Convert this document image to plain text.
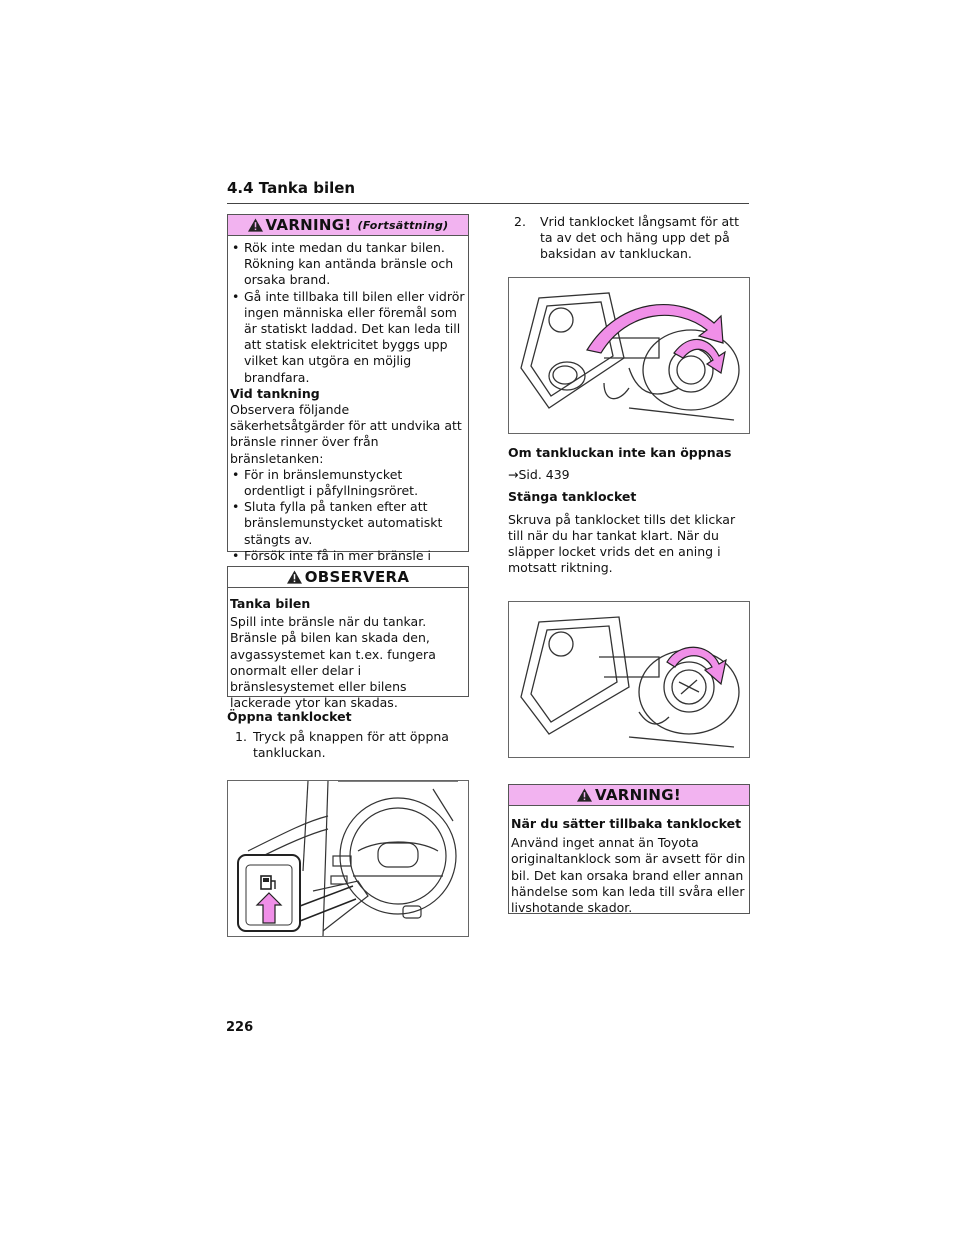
4.4 Tanka bilen
VARNING! (Fortsättning)
• Rök inte medan du tankar bilen. Rökning kan antända bränsle och orsaka brand.
• Gå inte tillbaka till bilen eller vidrör ingen människa eller föremål som är statiskt laddad. Det kan leda till att statisk elektricitet byggs upp vilket kan utgöra en möjlig brandfara.

Vid tankning

Observera följande säkerhetsåtgärder för att undvika att bränsle rinner över från bränsletanken:

• För in bränslemunstycket ordentligt i påfyllningsröret.
• Sluta fylla på tanken efter att bränslemunstycket automatiskt stängts av.
• Försök inte få in mer bränsle i
OBSERVERA

Tanka bilen

Spill inte bränsle när du tankar. Bränsle på bilen kan skada den, avgassystemet kan t.ex. fungera onormalt eller delar i bränslesystemet eller bilens lackerade ytor kan skadas.

Öppna tanklocket

1. Tryck på knappen för att öppna tankluckan.
2. Vrid tanklocket långsamt för att ta av det och häng upp det på baksidan av tankluckan.

Om tankluckan inte kan öppnas

→Sid. 439

Stänga tanklocket

Skruva på tanklocket tills det klickar till när du har tankat klart. När du släpper locket vrids det en aning i motsatt riktning.

VARNING!

När du sätter tillbaka tanklocket

Använd inget annat än Toyota originaltanklock som är avsett för din bil. Det kan orsaka brand eller annan händelse som kan leda till svåra eller livshotande skador.

226
